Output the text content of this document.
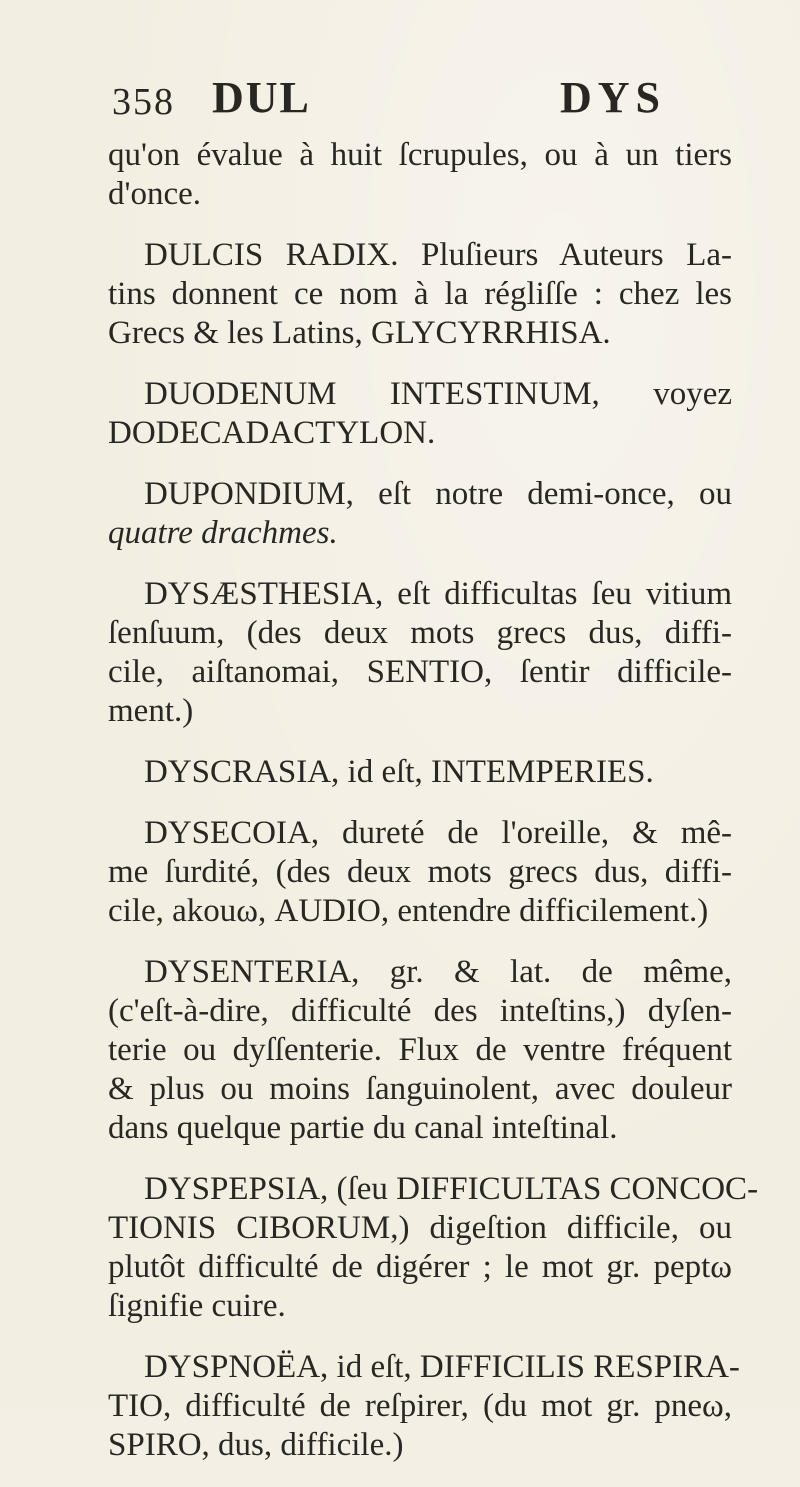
358 DUL	DYS
qu'on évalue à huit ſcrupules, ou à un tiers
d'once.
DULCIS RADIX. Pluſieurs Auteurs La-
tins donnent ce nom à la régliſſe : chez les
Grecs & les Latins, GLYCYRRHISA.
DUODENUM INTESTINUM, voyez
DODECADACTYLON.
DUPONDIUM, eſt notre demi-once, ou
quatre drachmes.
DYSÆSTHESIA, eſt difficultas ſeu vitium
ſenſuum, (des deux mots grecs dus, diffi-
cile, aiſtanomai, SENTIO, ſentir difficile-
ment.)
DYSCRASIA, id eſt, INTEMPERIES.
DYSECOIA, dureté de l'oreille, & mê-
me ſurdité, (des deux mots grecs dus, diffi-
cile, akouω, AUDIO, entendre difficilement.)
DYSENTERIA, gr. & lat. de même,
(c'eſt-à-dire, difficulté des inteſtins,) dyſen-
terie ou dyſſenterie. Flux de ventre fréquent
& plus ou moins ſanguinolent, avec douleur
dans quelque partie du canal inteſtinal.
DYSPEPSIA, (ſeu DIFFICULTAS CONCOC-
TIONIS CIBORUM,) digeſtion difficile, ou
plutôt difficulté de digérer ; le mot gr. peptω
ſignifie cuire.
DYSPNOËA, id eſt, DIFFICILIS RESPIRA-
TIO, difficulté de reſpirer, (du mot gr. pneω,
SPIRO, dus, difficile.)
